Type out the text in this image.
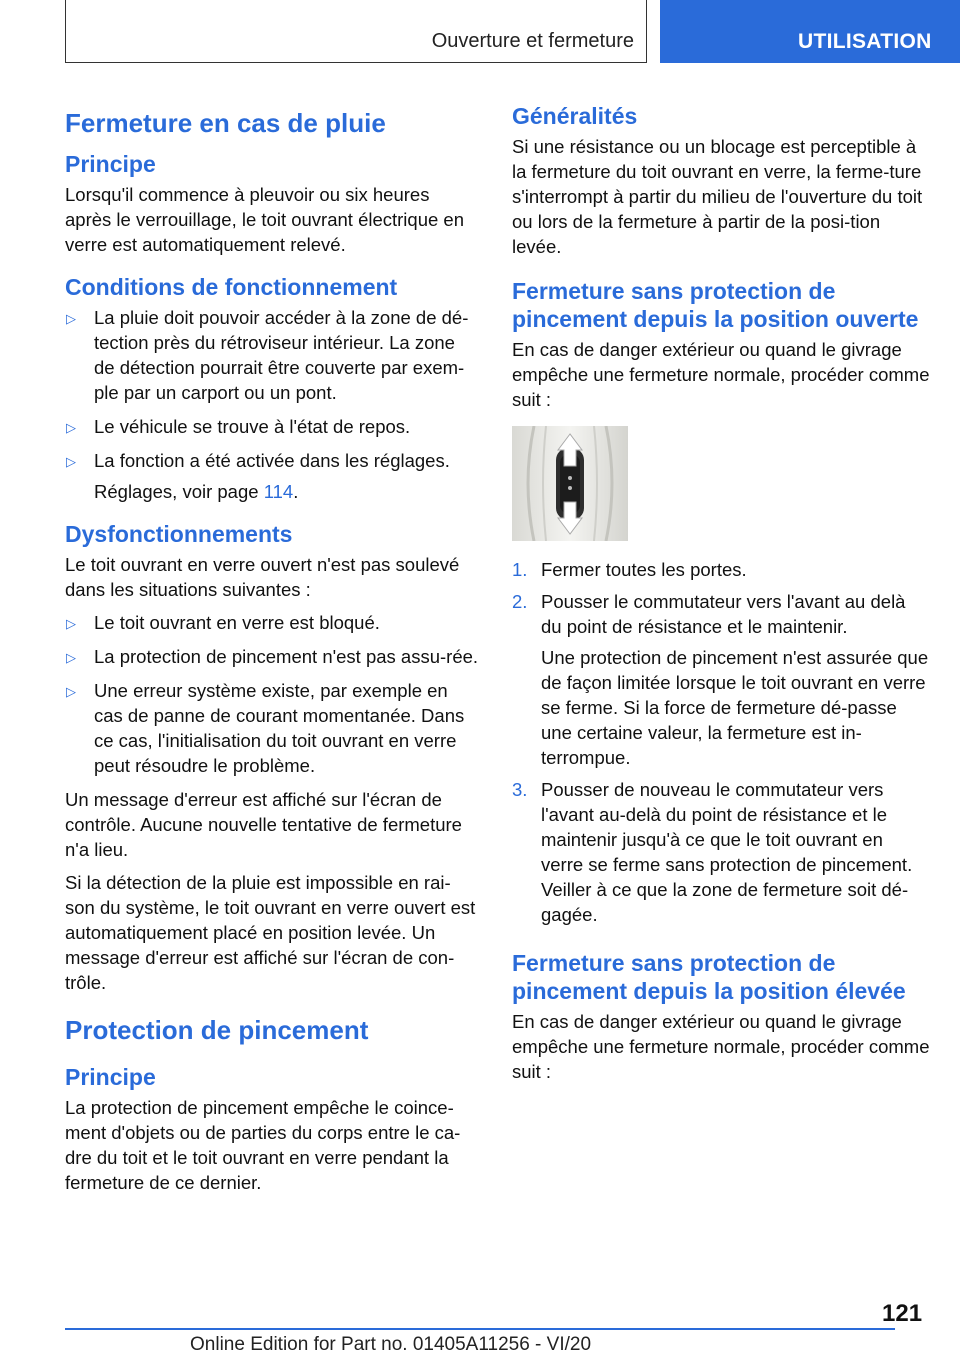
Ouverture et fermeture	UTILISATION
Fermeture en cas de pluie
Principe
Lorsqu'il commence à pleuvoir ou six heures après le verrouillage, le toit ouvrant électrique en verre est automatiquement relevé.
Conditions de fonctionnement
▷ La pluie doit pouvoir accéder à la zone de dé-tection près du rétroviseur intérieur. La zone de détection pourrait être couverte par exem-ple par un carport ou un pont.
▷ Le véhicule se trouve à l'état de repos.
▷ La fonction a été activée dans les réglages.
Réglages, voir page 114.
Dysfonctionnements
Le toit ouvrant en verre ouvert n'est pas soulevé dans les situations suivantes :
▷ Le toit ouvrant en verre est bloqué.
▷ La protection de pincement n'est pas assu-rée.
▷ Une erreur système existe, par exemple en cas de panne de courant momentanée. Dans ce cas, l'initialisation du toit ouvrant en verre peut résoudre le problème.
Un message d'erreur est affiché sur l'écran de contrôle. Aucune nouvelle tentative de fermeture n'a lieu.
Si la détection de la pluie est impossible en rai-son du système, le toit ouvrant en verre ouvert est automatiquement placé en position levée. Un message d'erreur est affiché sur l'écran de con-trôle.
Protection de pincement
Principe
La protection de pincement empêche le coince-ment d'objets ou de parties du corps entre le ca-dre du toit et le toit ouvrant en verre pendant la fermeture de ce dernier.
Généralités
Si une résistance ou un blocage est perceptible à la fermeture du toit ouvrant en verre, la ferme-ture s'interrompt à partir du milieu de l'ouverture du toit ou lors de la fermeture à partir de la posi-tion levée.
Fermeture sans protection de pincement depuis la position ouverte
En cas de danger extérieur ou quand le givrage empêche une fermeture normale, procéder comme suit :
1. Fermer toutes les portes.
2. Pousser le commutateur vers l'avant au delà du point de résistance et le maintenir.
Une protection de pincement n'est assurée que de façon limitée lorsque le toit ouvrant en verre se ferme. Si la force de fermeture dé-passe une certaine valeur, la fermeture est in-terrompue.
3. Pousser de nouveau le commutateur vers l'avant au-delà du point de résistance et le maintenir jusqu'à ce que le toit ouvrant en verre se ferme sans protection de pincement. Veiller à ce que la zone de fermeture soit dé-gagée.
Fermeture sans protection de pincement depuis la position élevée
En cas de danger extérieur ou quand le givrage empêche une fermeture normale, procéder comme suit :
121
Online Edition for Part no. 01405A11256 - VI/20
